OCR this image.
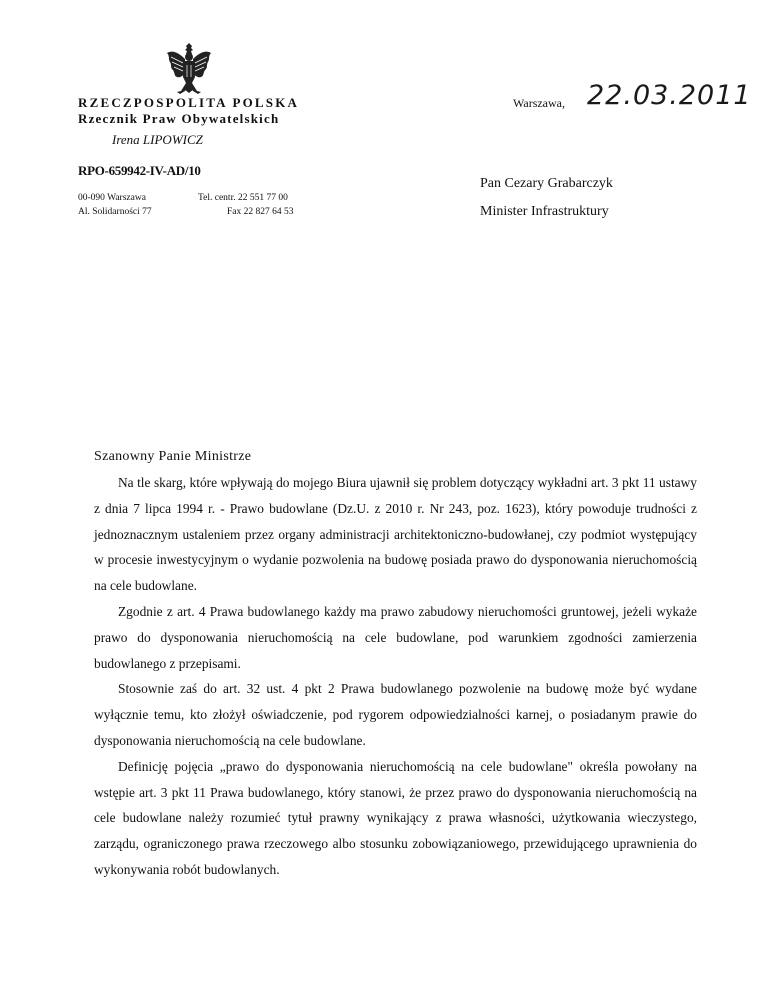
RZECZPOSPOLITA POLSKA
Rzecznik Praw Obywatelskich
Irena LIPOWICZ
RPO-659942-IV-AD/10
00-090 Warszawa
Al. Solidarności 77
Tel. centr. 22 551 77 00
Fax 22 827 64 53
Warszawa, 22.03.2011
Pan Cezary Grabarczyk
Minister Infrastruktury
Szanowny Panie Ministrze

Na tle skarg, które wpływają do mojego Biura ujawnił się problem dotyczący wykładni art. 3 pkt 11 ustawy z dnia 7 lipca 1994 r. - Prawo budowlane (Dz.U. z 2010 r. Nr 243, poz. 1623), który powoduje trudności z jednoznacznym ustaleniem przez organy administracji architektoniczno-budowłanej, czy podmiot występujący w procesie inwestycyjnym o wydanie pozwolenia na budowę posiada prawo do dysponowania nieruchomością na cele budowlane.

Zgodnie z art. 4 Prawa budowlanego każdy ma prawo zabudowy nieruchomości gruntowej, jeżeli wykaże prawo do dysponowania nieruchomością na cele budowlane, pod warunkiem zgodności zamierzenia budowlanego z przepisami.

Stosownie zaś do art. 32 ust. 4 pkt 2 Prawa budowlanego pozwolenie na budowę może być wydane wyłącznie temu, kto złożył oświadczenie, pod rygorem odpowiedzialności karnej, o posiadanym prawie do dysponowania nieruchomością na cele budowlane.

Definicję pojęcia „prawo do dysponowania nieruchomością na cele budowlane" określa powołany na wstępie art. 3 pkt 11 Prawa budowlanego, który stanowi, że przez prawo do dysponowania nieruchomością na cele budowlane należy rozumieć tytuł prawny wynikający z prawa własności, użytkowania wieczystego, zarządu, ograniczonego prawa rzeczowego albo stosunku zobowiązaniowego, przewidującego uprawnienia do wykonywania robót budowlanych.
